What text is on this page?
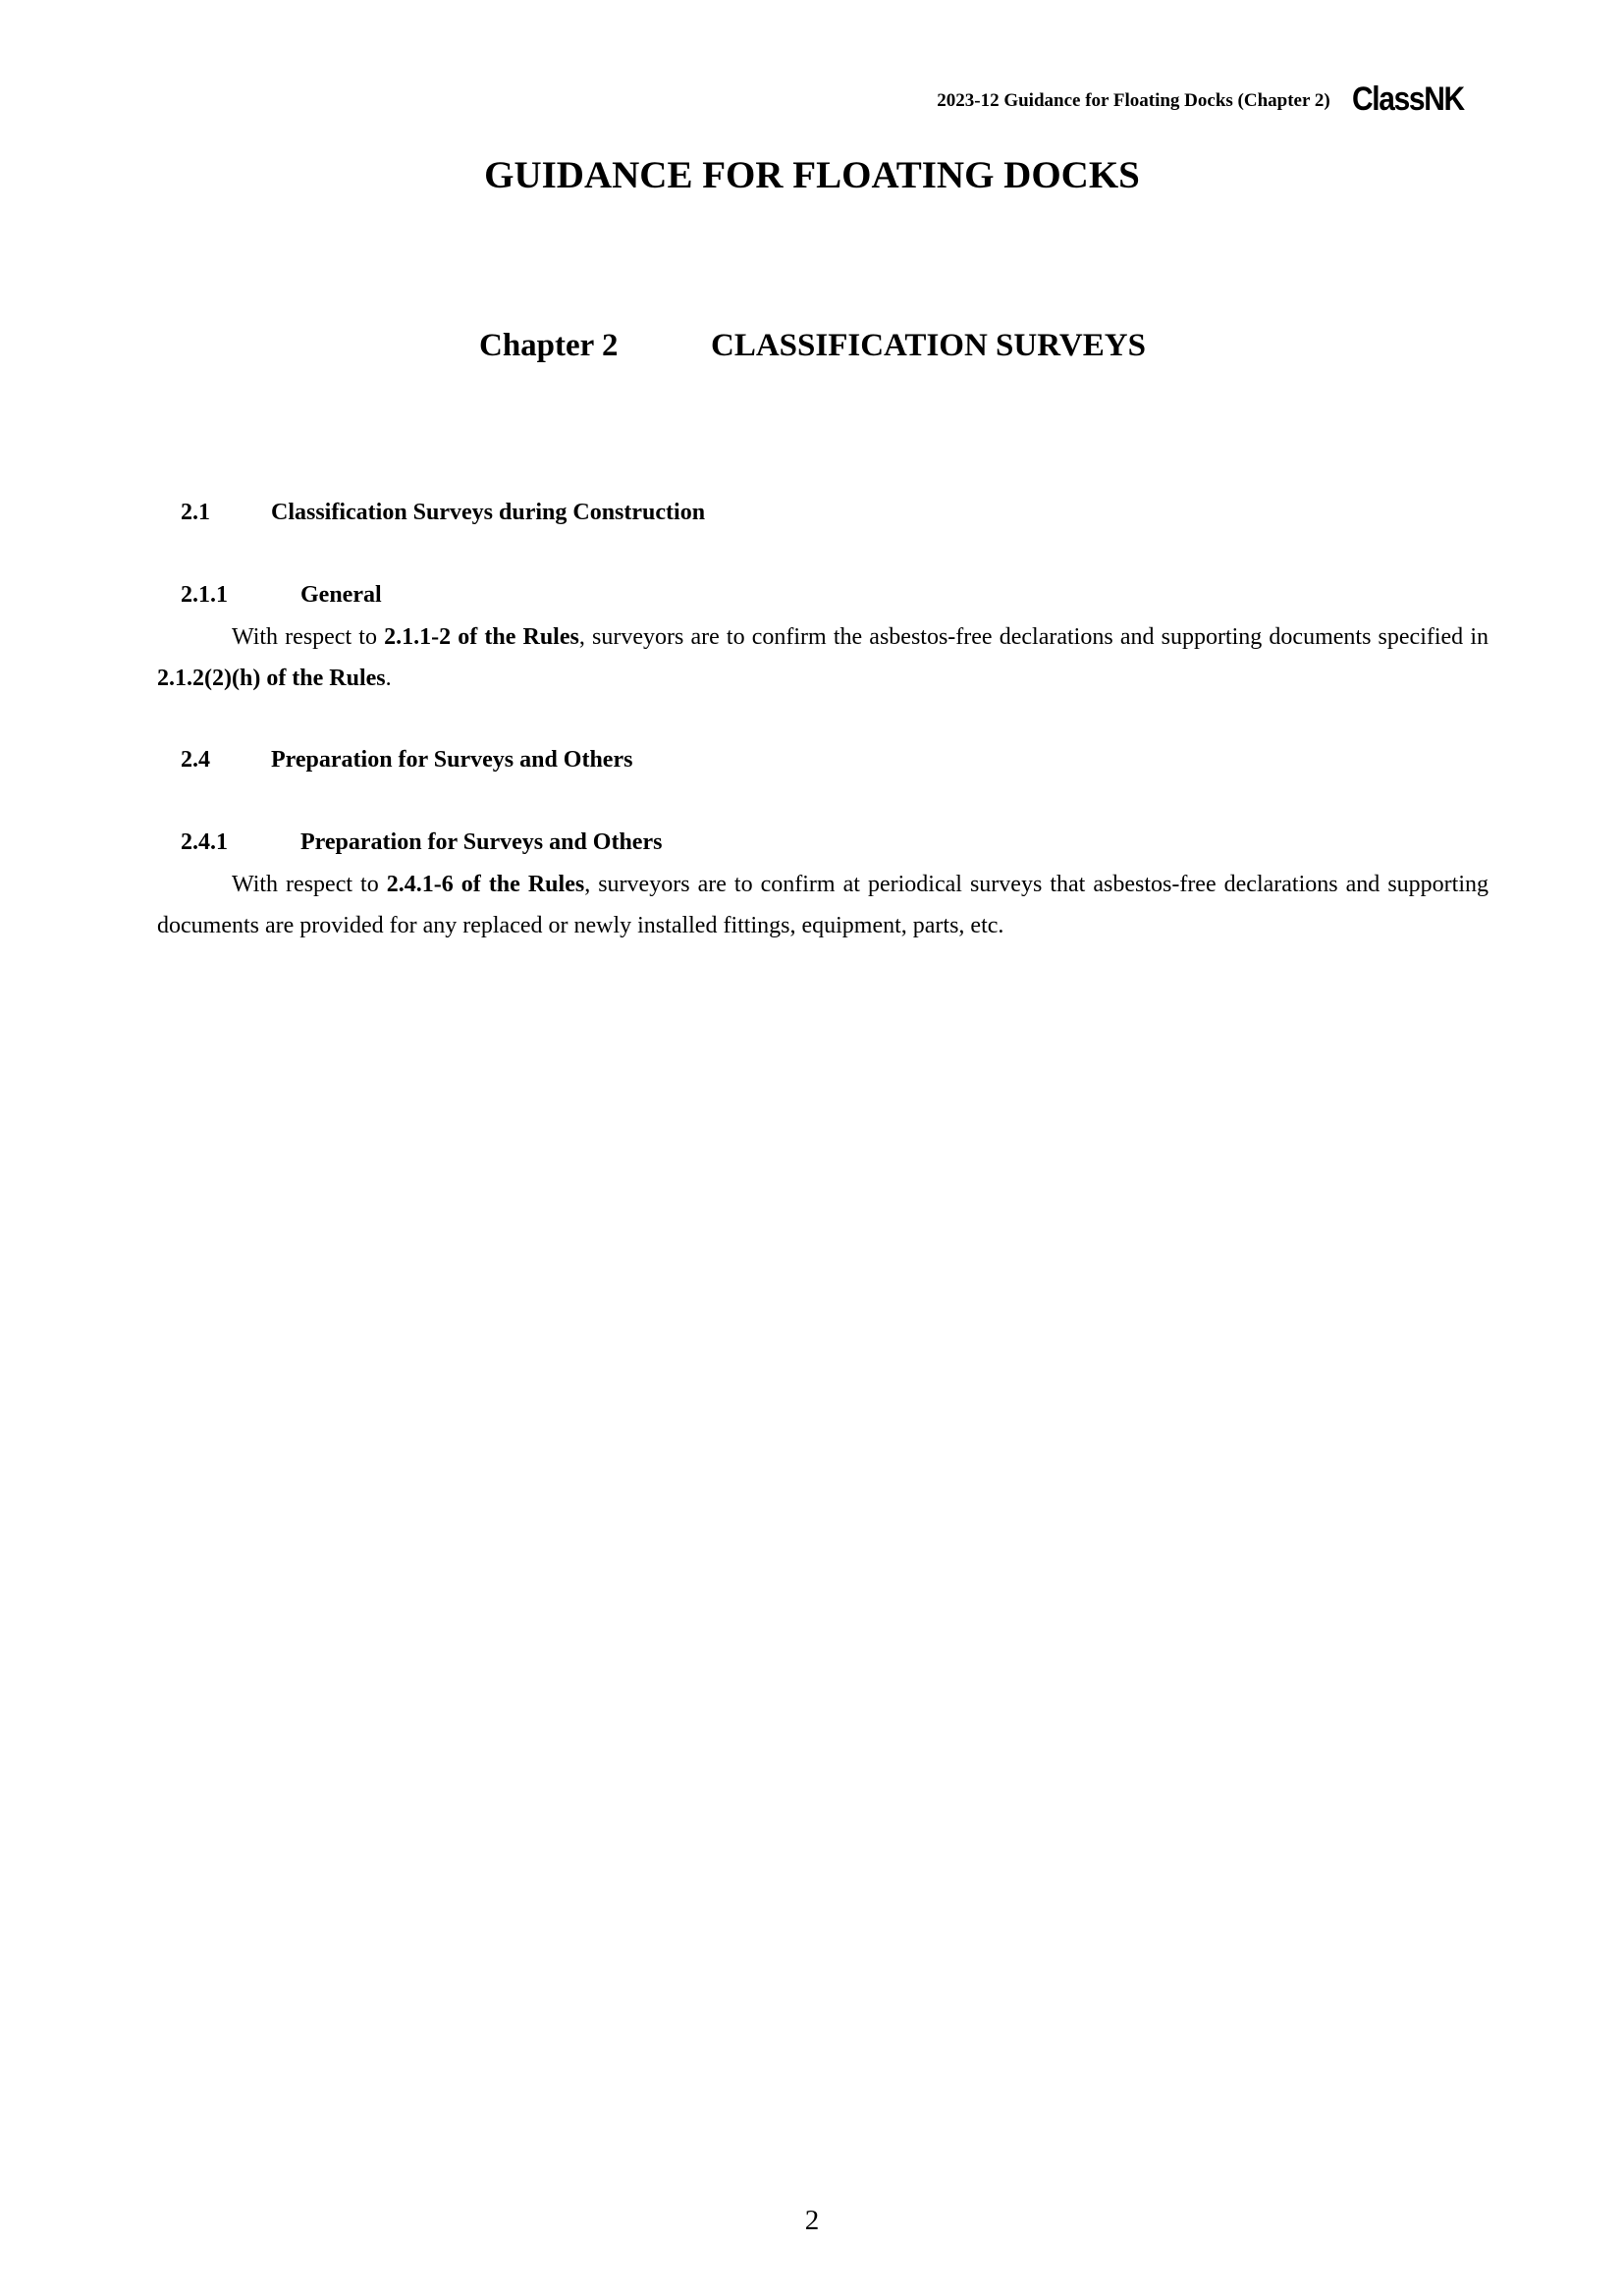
2023-12 Guidance for Floating Docks (Chapter 2) ClassNK
GUIDANCE FOR FLOATING DOCKS
Chapter 2	CLASSIFICATION SURVEYS
2.1	Classification Surveys during Construction
2.1.1	General

With respect to 2.1.1-2 of the Rules, surveyors are to confirm the asbestos-free declarations and supporting documents specified in 2.1.2(2)(h) of the Rules.

2.4	Preparation for Surveys and Others
2.4.1	Preparation for Surveys and Others

With respect to 2.4.1-6 of the Rules, surveyors are to confirm at periodical surveys that asbestos-free declarations and supporting documents are provided for any replaced or newly installed fittings, equipment, parts, etc.

2
